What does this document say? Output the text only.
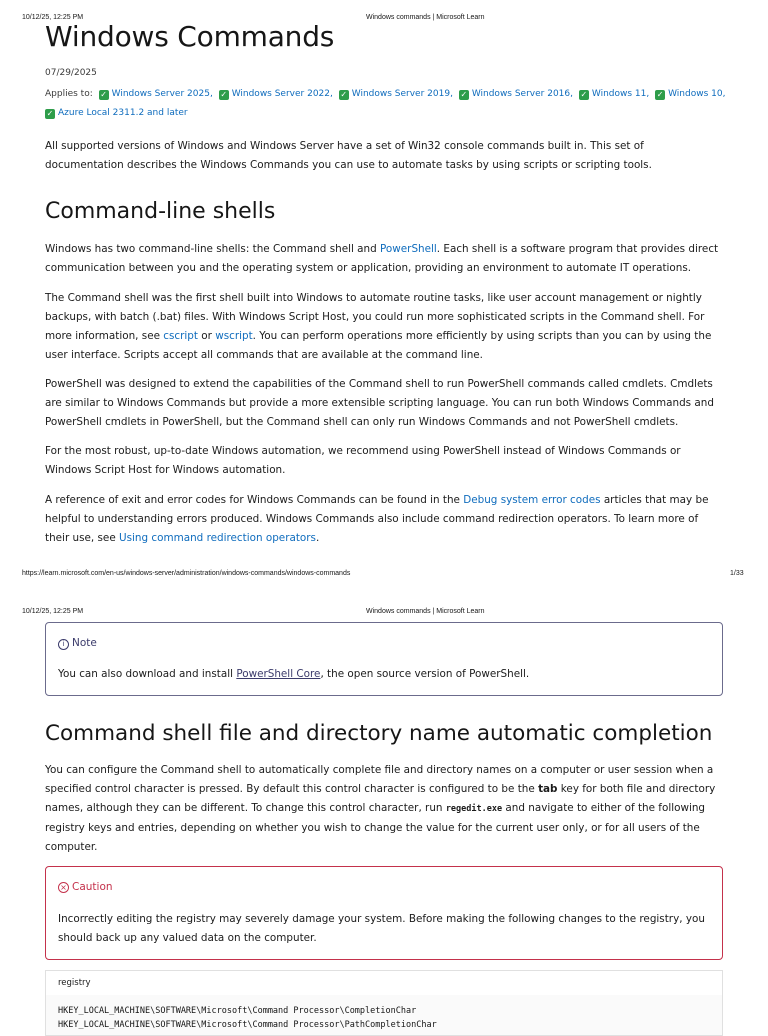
10/12/25, 12:25 PM	Windows commands | Microsoft Learn
Windows Commands
07/29/2025
Applies to: ✓ Windows Server 2025, ✓ Windows Server 2022, ✓ Windows Server 2019, ✓ Windows Server 2016, ✓ Windows 11, ✓ Windows 10,
✓ Azure Local 2311.2 and later

All supported versions of Windows and Windows Server have a set of Win32 console commands built in. This set of documentation describes the Windows Commands you can use to automate tasks by using scripts or scripting tools.

Command-line shells

Windows has two command-line shells: the Command shell and PowerShell. Each shell is a software program that provides direct communication between you and the operating system or application, providing an environment to automate IT operations.

The Command shell was the first shell built into Windows to automate routine tasks, like user account management or nightly backups, with batch (.bat) files. With Windows Script Host, you could run more sophisticated scripts in the Command shell. For more information, see cscript or wscript. You can perform operations more efficiently by using scripts than you can by using the user interface. Scripts accept all commands that are available at the command line.

PowerShell was designed to extend the capabilities of the Command shell to run PowerShell commands called cmdlets. Cmdlets are similar to Windows Commands but provide a more extensible scripting language. You can run both Windows Commands and PowerShell cmdlets in PowerShell, but the Command shell can only run Windows Commands and not PowerShell cmdlets.

For the most robust, up-to-date Windows automation, we recommend using PowerShell instead of Windows Commands or Windows Script Host for Windows automation.

A reference of exit and error codes for Windows Commands can be found in the Debug system error codes articles that may be helpful to understanding errors produced. Windows Commands also include command redirection operators. To learn more of their use, see Using command redirection operators.

https://learn.microsoft.com/en-us/windows-server/administration/windows-commands/windows-commands	1/33
10/12/25, 12:25 PM	Windows commands | Microsoft Learn
i Note
You can also download and install PowerShell Core, the open source version of PowerShell.
Command shell file and directory name automatic completion

You can configure the Command shell to automatically complete file and directory names on a computer or user session when a specified control character is pressed. By default this control character is configured to be the tab key for both file and directory names, although they can be different. To change this control character, run regedit.exe and navigate to either of the following registry keys and entries, depending on whether you wish to change the value for the current user only, or for all users of the computer.

× Caution
Incorrectly editing the registry may severely damage your system. Before making the following changes to the registry, you should back up any valued data on the computer.
registry
HKEY_LOCAL_MACHINE\SOFTWARE\Microsoft\Command Processor\CompletionChar
HKEY_LOCAL_MACHINE\SOFTWARE\Microsoft\Command Processor\PathCompletionChar
